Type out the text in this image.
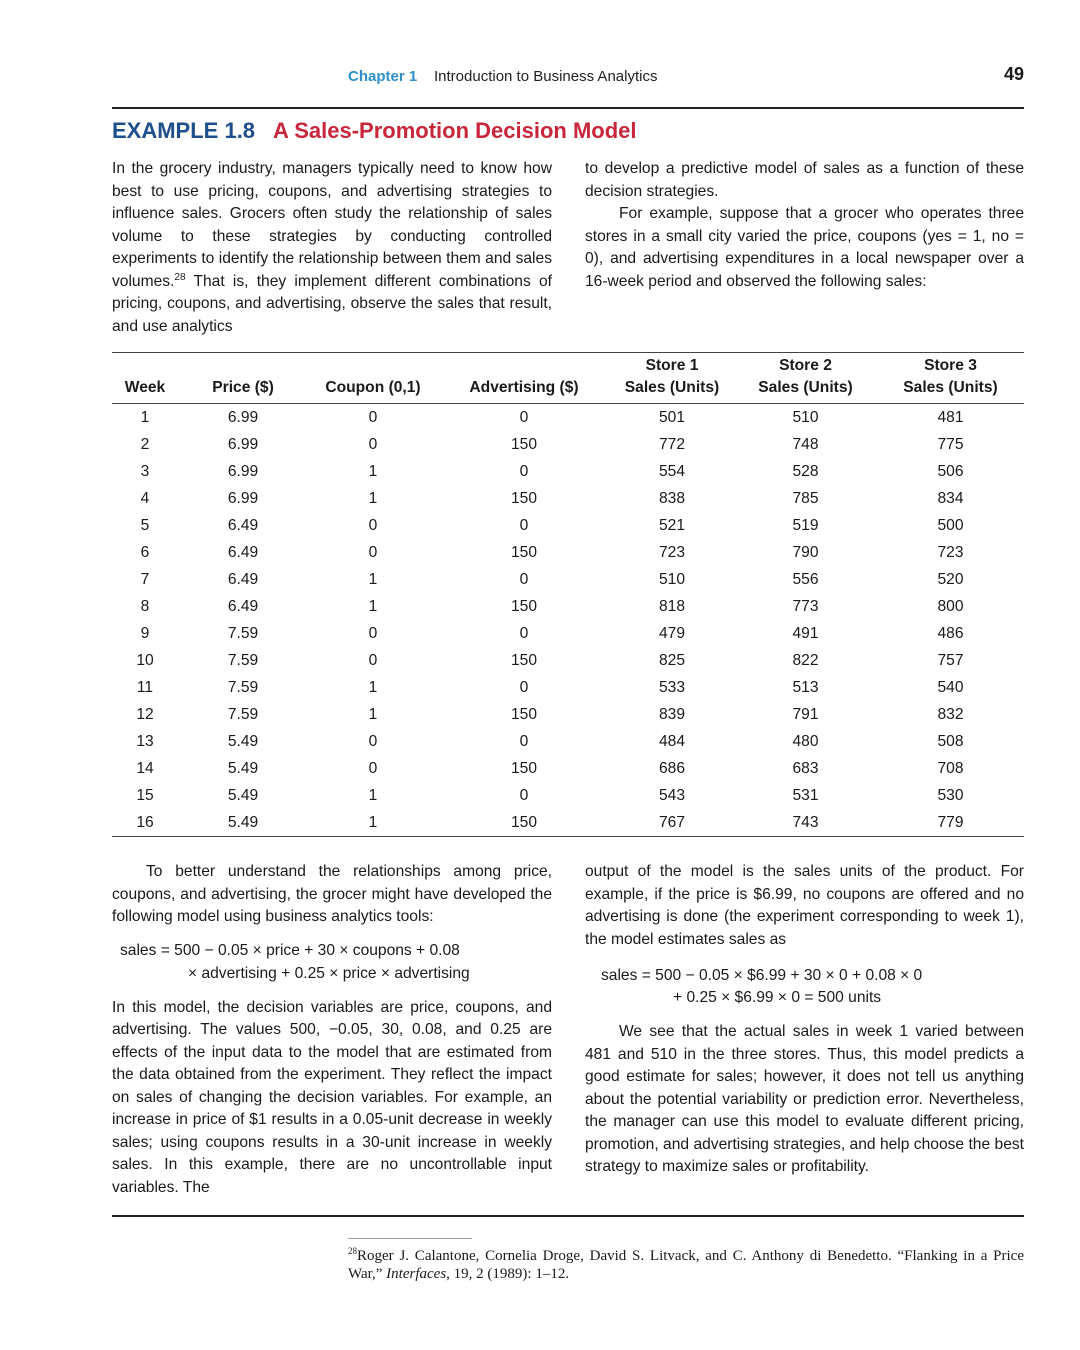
Chapter 1 Introduction to Business Analytics	49
EXAMPLE 1.8 A Sales-Promotion Decision Model

In the grocery industry, managers typically need to know how best to use pricing, coupons, and advertising strategies to influence sales. Grocers often study the relationship of sales volume to these strategies by conducting controlled experiments to identify the relationship between them and sales volumes.$^{28}$ That is, they implement different combinations of pricing, coupons, and advertising, observe the sales that result, and use analytics

to develop a predictive model of sales as a function of these decision strategies.

For example, suppose that a grocer who operates three stores in a small city varied the price, coupons (yes = 1, no = 0), and advertising expenditures in a local newspaper over a 16-week period and observed the following sales:

				Store 1	Store 2	Store 3
Week	Price ($)	Coupon (0,1)	Advertising ($)	Sales (Units)	Sales (Units)	Sales (Units)
1	6.99	0	0	501	510	481
2	6.99	0	150	772	748	775
3	6.99	1	0	554	528	506
4	6.99	1	150	838	785	834
5	6.49	0	0	521	519	500
6	6.49	0	150	723	790	723
7	6.49	1	0	510	556	520
8	6.49	1	150	818	773	800
9	7.59	0	0	479	491	486
10	7.59	0	150	825	822	757
11	7.59	1	0	533	513	540
12	7.59	1	150	839	791	832
13	5.49	0	0	484	480	508
14	5.49	0	150	686	683	708
15	5.49	1	0	543	531	530
16	5.49	1	150	767	743	779

To better understand the relationships among price, coupons, and advertising, the grocer might have developed the following model using business analytics tools:

sales = 500 − 0.05 × price + 30 × coupons + 0.08
× advertising + 0.25 × price × advertising

In this model, the decision variables are price, coupons, and advertising. The values 500, −0.05, 30, 0.08, and 0.25 are effects of the input data to the model that are estimated from the data obtained from the experiment. They reflect the impact on sales of changing the decision variables. For example, an increase in price of $1 results in a 0.05-unit decrease in weekly sales; using coupons results in a 30-unit increase in weekly sales. In this example, there are no uncontrollable input variables. The

output of the model is the sales units of the product. For example, if the price is $6.99, no coupons are offered and no advertising is done (the experiment corresponding to week 1), the model estimates sales as

sales = 500 − 0.05 × $6.99 + 30 × 0 + 0.08 × 0
+ 0.25 × $6.99 × 0 = 500 units

We see that the actual sales in week 1 varied between 481 and 510 in the three stores. Thus, this model predicts a good estimate for sales; however, it does not tell us anything about the potential variability or prediction error. Nevertheless, the manager can use this model to evaluate different pricing, promotion, and advertising strategies, and help choose the best strategy to maximize sales or profitability.

$^{28}$Roger J. Calantone, Cornelia Droge, David S. Litvack, and C. Anthony di Benedetto. “Flanking in a Price War,” Interfaces, 19, 2 (1989): 1–12.
